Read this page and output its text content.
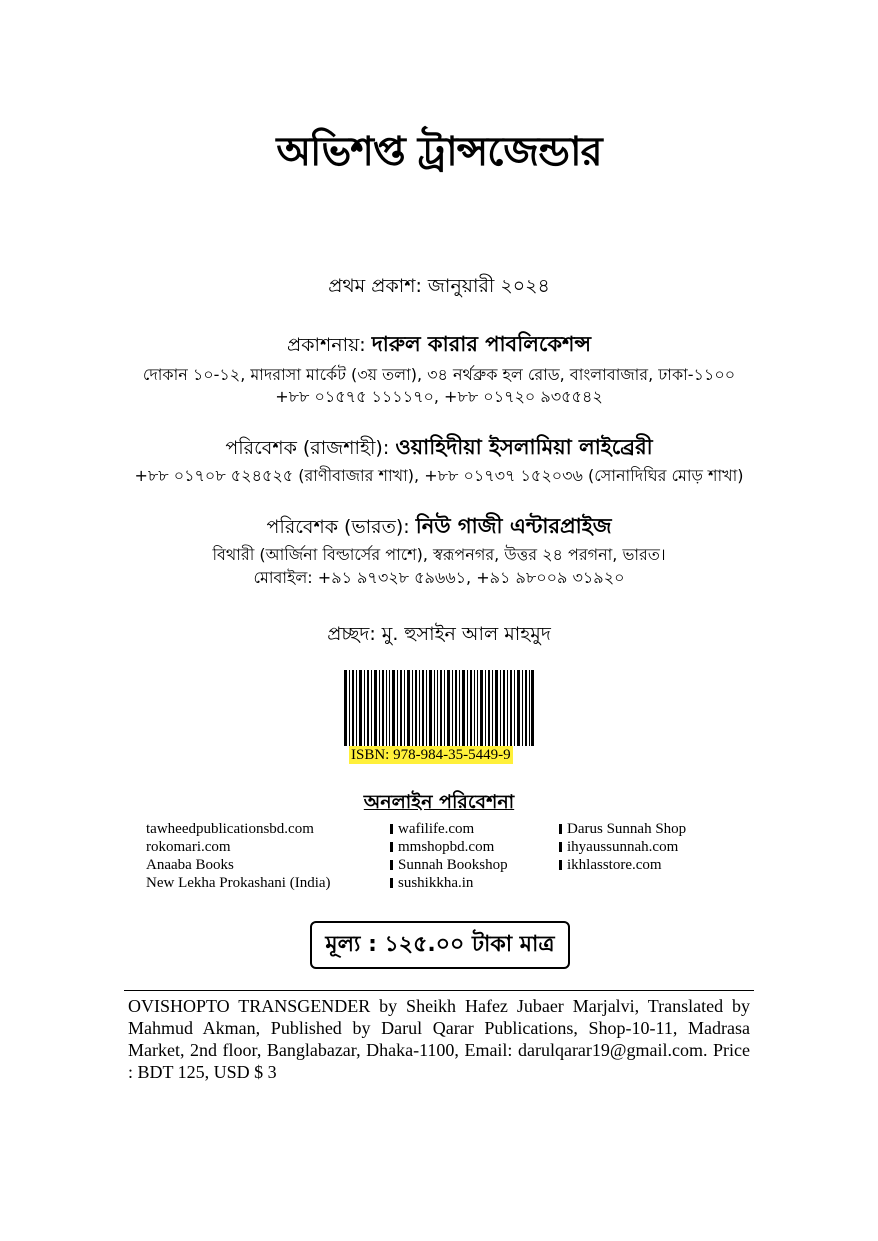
অভিশপ্ত ট্রান্সজেন্ডার
প্রথম প্রকাশ: জানুয়ারী ২০২৪
প্রকাশনায়: দারুল কারার পাবলিকেশন্স
দোকান ১০-১২, মাদরাসা মার্কেট (৩য় তলা), ৩৪ নর্থব্রুক হল রোড, বাংলাবাজার, ঢাকা-১১০০
+৮৮ ০১৫৭৫ ১১১১৭০, +৮৮ ০১৭২০ ৯৩৫৫৪২
পরিবেশক (রাজশাহী): ওয়াহিদীয়া ইসলামিয়া লাইব্রেরী
+৮৮ ০১৭০৮ ৫২৪৫২৫ (রাণীবাজার শাখা), +৮৮ ০১৭৩৭ ১৫২০৩৬ (সোনাদিঘির মোড় শাখা)
পরিবেশক (ভারত): নিউ গাজী এন্টারপ্রাইজ
বিথারী (আর্জিনা বিল্ডার্সের পাশে), স্বরূপনগর, উত্তর ২৪ পরগনা, ভারত।
মোবাইল: +৯১ ৯৭৩২৮ ৫৯৬৬১, +৯১ ৯৮০০৯ ৩১৯২০
প্রচ্ছদ: মু. হুসাইন আল মাহমুদ
ISBN: 978-984-35-5449-9
অনলাইন পরিবেশনা
tawheedpublicationsbd.com
rokomari.com
Anaaba Books
New Lekha Prokashani (India)
wafilife.com
mmshopbd.com
Sunnah Bookshop
sushikkha.in
Darus Sunnah Shop
ihyaussunnah.com
ikhlasstore.com
মূল্য : ১২৫.০০ টাকা মাত্র
OVISHOPTO TRANSGENDER by Sheikh Hafez Jubaer Marjalvi, Translated by Mahmud Akman, Published by Darul Qarar Publications, Shop-10-11, Madrasa Market, 2nd floor, Banglabazar, Dhaka-1100, Email: darulqarar19@gmail.com. Price : BDT 125, USD $ 3
